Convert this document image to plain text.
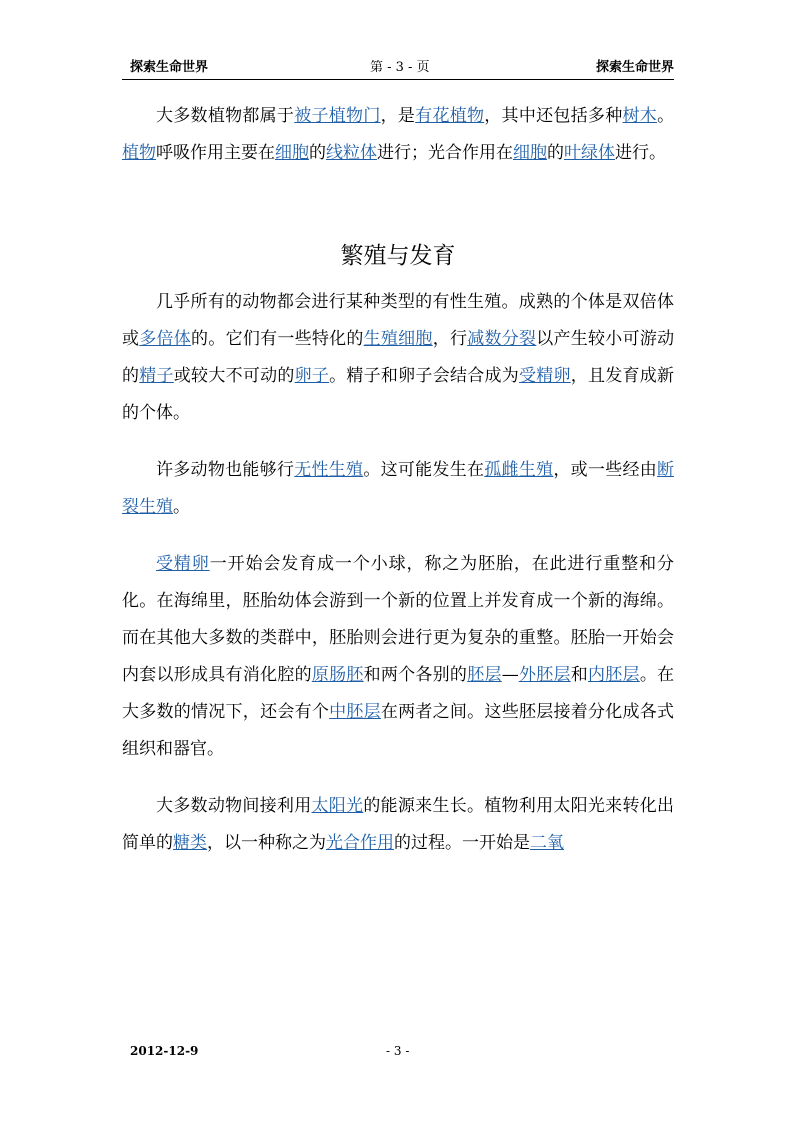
探索生命世界	第 - 3 - 页	探索生命世界

大多数植物都属于被子植物门，是有花植物，其中还包括多种树木。植物呼吸作用主要在细胞的线粒体进行；光合作用在细胞的叶绿体进行。

繁殖与发育

几乎所有的动物都会进行某种类型的有性生殖。成熟的个体是双倍体或多倍体的。它们有一些特化的生殖细胞，行减数分裂以产生较小可游动的精子或较大不可动的卵子。精子和卵子会结合成为受精卵，且发育成新的个体。

许多动物也能够行无性生殖。这可能发生在孤雌生殖，或一些经由断裂生殖。

受精卵一开始会发育成一个小球，称之为胚胎，在此进行重整和分化。在海绵里，胚胎幼体会游到一个新的位置上并发育成一个新的海绵。而在其他大多数的类群中，胚胎则会进行更为复杂的重整。胚胎一开始会内套以形成具有消化腔的原肠胚和两个各别的胚层—外胚层和内胚层。在大多数的情况下，还会有个中胚层在两者之间。这些胚层接着分化成各式组织和器官。

大多数动物间接利用太阳光的能源来生长。植物利用太阳光来转化出简单的糖类，以一种称之为光合作用的过程。一开始是二氧

2012-12-9	- 3 -
